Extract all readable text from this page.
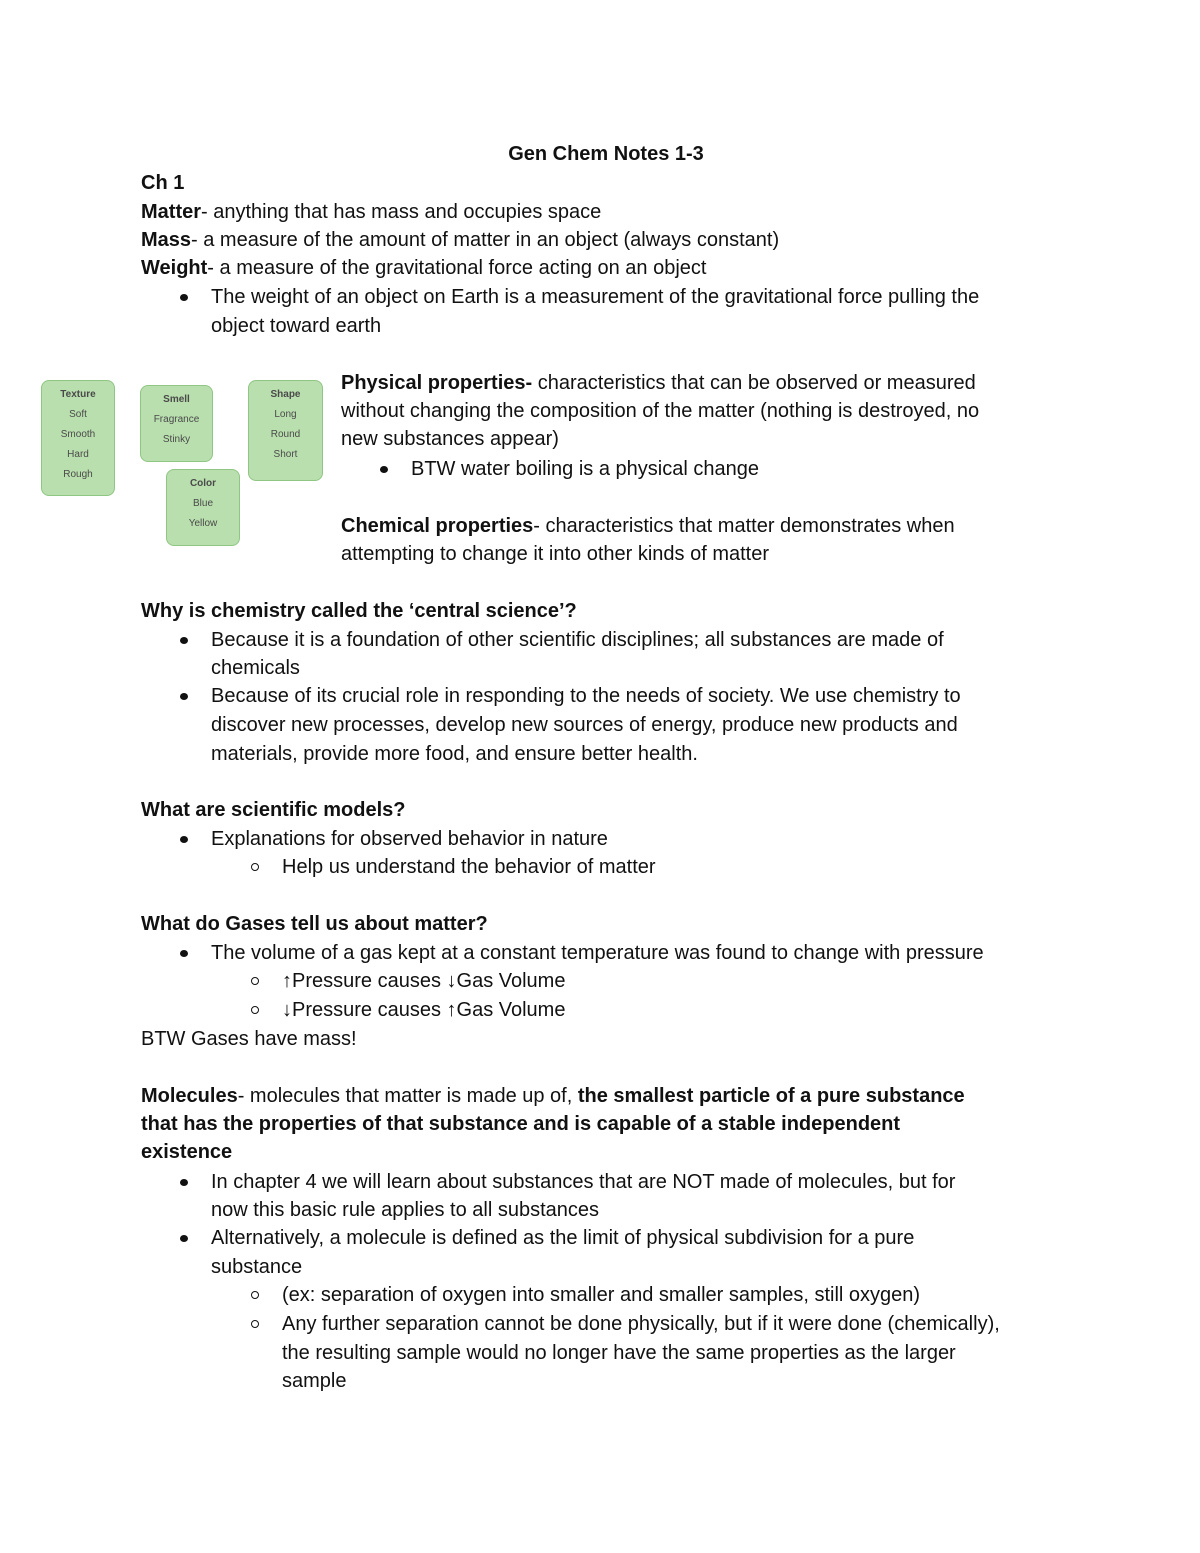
Texture
Soft
Smooth
Hard
Rough
Smell
Fragrance
Stinky
Shape
Long
Round
Short
Color
Blue
Yellow
Gen Chem Notes 1-3
Ch 1
Matter- anything that has mass and occupies space
Mass- a measure of the amount of matter in an object (always constant)
Weight- a measure of the gravitational force acting on an object
The weight of an object on Earth is a measurement of the gravitational force pulling the
object toward earth
Physical properties- characteristics that can be observed or measured
without changing the composition of the matter (nothing is destroyed, no
new substances appear)
BTW water boiling is a physical change
Chemical properties- characteristics that matter demonstrates when
attempting to change it into other kinds of matter
Why is chemistry called the ‘central science’?
Because it is a foundation of other scientific disciplines; all substances are made of
chemicals
Because of its crucial role in responding to the needs of society. We use chemistry to
discover new processes, develop new sources of energy, produce new products and
materials, provide more food, and ensure better health.
What are scientific models?
Explanations for observed behavior in nature
Help us understand the behavior of matter
What do Gases tell us about matter?
The volume of a gas kept at a constant temperature was found to change with pressure
↑Pressure causes ↓Gas Volume
↓Pressure causes ↑Gas Volume
BTW Gases have mass!
Molecules- molecules that matter is made up of, the smallest particle of a pure substance
that has the properties of that substance and is capable of a stable independent
existence
In chapter 4 we will learn about substances that are NOT made of molecules, but for
now this basic rule applies to all substances
Alternatively, a molecule is defined as the limit of physical subdivision for a pure
substance
(ex: separation of oxygen into smaller and smaller samples, still oxygen)
Any further separation cannot be done physically, but if it were done (chemically),
the resulting sample would no longer have the same properties as the larger
sample
